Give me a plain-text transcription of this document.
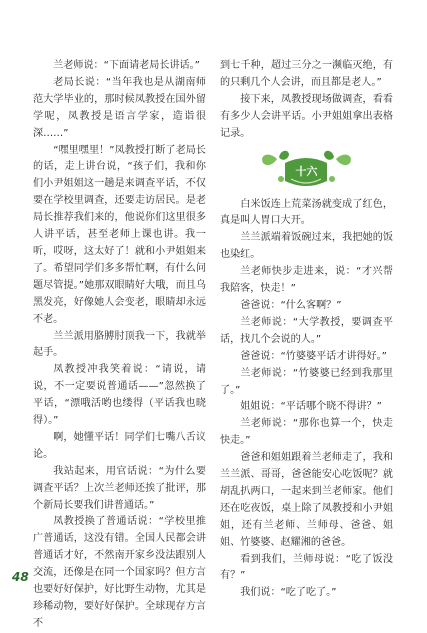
兰老师说：“下面请老局长讲话。”

老局长说：“当年我也是从湖南师范大学毕业的，那时候凤教授在国外留学呢，凤教授是语言学家，造诣很深……”

“嘿里嘿里！”凤教授打断了老局长的话，走上讲台说，“孩子们，我和你们小尹姐姐这一趟是来调查平话，不仅要在学校里调查，还要走访居民。是老局长推荐我们来的，他说你们这里很多人讲平话，甚至老师上课也讲。我一听，哎呀，这太好了！就和小尹姐姐来了。希望同学们多多帮忙啊，有什么问题尽管提。”她那双眼睛好大哦，而且乌黑发亮，好像她人会变老，眼睛却永远不老。

兰兰派用胳膊肘顶我一下，我就举起手。

凤教授冲我笑着说：“请说，请说，不一定要说普通话——”忽然换了平话，“漂哦活哟也缕得（平话我也晓得）。”

啊，她懂平话！同学们七嘴八舌议论。

我站起来，用官话说：“为什么要调查平话？上次兰老师还挨了批评，那个新局长要我们讲普通话。”

凤教授换了普通话说：“学校里推广普通话，这没有错。全国人民都会讲普通话才好，不然南开家乡没法跟别人交流，还像是在同一个国家吗？但方言也要好好保护，好比野生动物，尤其是珍稀动物，要好好保护。全球现存方言不

到七千种，超过三分之一濒临灭绝，有的只剩几个人会讲，而且都是老人。”

接下来，凤教授现场做调查，看看有多少人会讲平话。小尹姐姐拿出表格记录。

十六

白米饭连上荒菜汤就变成了红色，真是叫人胃口大开。

兰兰派端着饭碗过来，我把她的饭也染红。

兰老师快步走进来，说：“才兴帮我陪客，快走！”

爸爸说：“什么客啊？”

兰老师说：“大学教授，要调查平话，找几个会说的人。”

爸爸说：“竹婆婆平话才讲得好。”

兰老师说：“竹婆婆已经到我那里了。”

姐姐说：“平话哪个晓不得讲？”

兰老师说：“那你也算一个，快走快走。”

爸爸和姐姐跟着兰老师走了，我和兰兰派、哥哥，爸爸能安心吃饭呢？就胡乱扒两口，一起来到兰老师家。他们还在吃夜饭，桌上除了凤教授和小尹姐姐，还有兰老师、兰师母、爸爸、姐姐、竹婆婆、赵耀湘的爸爸。

看到我们，兰师母说：“吃了饭没有？”

我们说：“吃了吃了。”

48
